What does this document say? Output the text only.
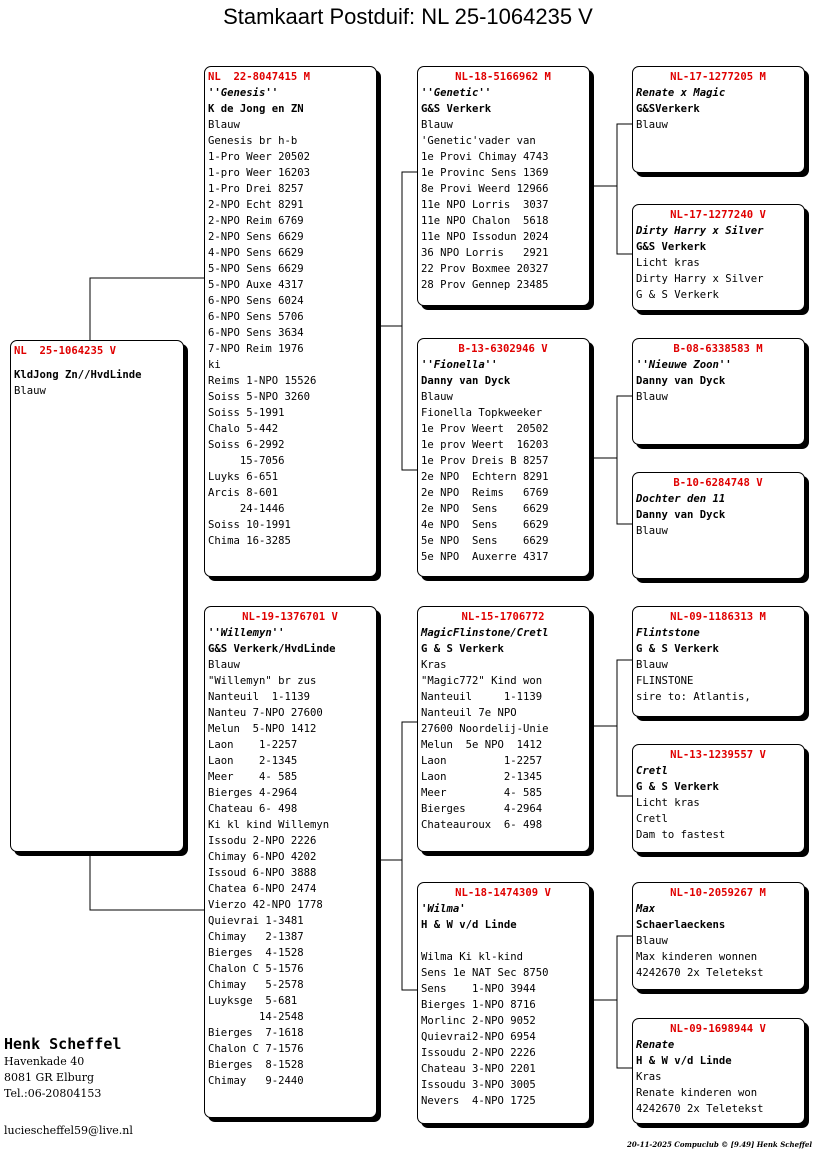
Stamkaart Postduif: NL 25-1064235 V
NL  25-1064235 V
KldJong Zn//HvdLinde
Blauw
NL  22-8047415 M
''Genesis''
K de Jong en ZN
Blauw
Genesis br h-b
1-Pro Weer 20502
1-pro Weer 16203
1-Pro Drei 8257
2-NPO Echt 8291
2-NPO Reim 6769
2-NPO Sens 6629
4-NPO Sens 6629
5-NPO Sens 6629
5-NPO Auxe 4317
6-NPO Sens 6024
6-NPO Sens 5706
6-NPO Sens 3634
7-NPO Reim 1976
ki
Reims 1-NPO 15526
Soiss 5-NPO 3260
Soiss 5-1991
Chalo 5-442
Soiss 6-2992
15-7056
Luyks 6-651
Arcis 8-601
24-1446
Soiss 10-1991
Chima 16-3285
NL-19-1376701 V
''Willemyn''
G&S Verkerk/HvdLinde
Blauw
"Willemyn" br zus
Nanteuil  1-1139
Nanteu 7-NPO 27600
Melun  5-NPO 1412
Laon    1-2257
Laon    2-1345
Meer    4- 585
Bierges 4-2964
Chateau 6- 498
Ki kl kind Willemyn
Issodu 2-NPO 2226
Chimay 6-NPO 4202
Issoud 6-NPO 3888
Chatea 6-NPO 2474
Vierzo 42-NPO 1778
Quievrai 1-3481
Chimay   2-1387
Bierges  4-1528
Chalon C 5-1576
Chimay   5-2578
Luyksge  5-681
14-2548
Bierges  7-1618
Chalon C 7-1576
Bierges  8-1528
Chimay   9-2440
NL-18-5166962 M
''Genetic''
G&S Verkerk
Blauw
'Genetic'vader van
1e Provi Chimay 4743
1e Provinc Sens 1369
8e Provi Weerd 12966
11e NPO Lorris  3037
11e NPO Chalon  5618
11e NPO Issodun 2024
36 NPO Lorris   2921
22 Prov Boxmee 20327
28 Prov Gennep 23485
B-13-6302946 V
''Fionella''
Danny van Dyck
Blauw
Fionella Topkweeker
1e Prov Weert  20502
1e prov Weert  16203
1e Prov Dreis B 8257
2e NPO  Echtern 8291
2e NPO  Reims   6769
2e NPO  Sens    6629
4e NPO  Sens    6629
5e NPO  Sens    6629
5e NPO  Auxerre 4317
NL-15-1706772
MagicFlinstone/Cretl
G & S Verkerk
Kras
"Magic772" Kind won
Nanteuil     1-1139
Nanteuil 7e NPO
27600 Noordelij-Unie
Melun  5e NPO  1412
Laon         1-2257
Laon         2-1345
Meer         4- 585
Bierges      4-2964
Chateauroux  6- 498
NL-18-1474309 V
'Wilma'
H & W v/d Linde
Wilma Ki kl-kind
Sens 1e NAT Sec 8750
Sens    1-NPO 3944
Bierges 1-NPO 8716
Morlinc 2-NPO 9052
Quievrai2-NPO 6954
Issoudu 2-NPO 2226
Chateau 3-NPO 2201
Issoudu 3-NPO 3005
Nevers  4-NPO 1725
NL-17-1277205 M
Renate x Magic
G&SVerkerk
Blauw
NL-17-1277240 V
Dirty Harry x Silver
G&S Verkerk
Licht kras
Dirty Harry x Silver
G & S Verkerk
B-08-6338583 M
''Nieuwe Zoon''
Danny van Dyck
Blauw
B-10-6284748 V
Dochter den 11
Danny van Dyck
Blauw
NL-09-1186313 M
Flintstone
G & S Verkerk
Blauw
FLINSTONE
sire to: Atlantis,
NL-13-1239557 V
Cretl
G & S Verkerk
Licht kras
Cretl
Dam to fastest
NL-10-2059267 M
Max
Schaerlaeckens
Blauw
Max kinderen wonnen
4242670 2x Teletekst
NL-09-1698944 V
Renate
H & W v/d Linde
Kras
Renate kinderen won
4242670 2x Teletekst
Henk Scheffel
Havenkade 40
8081 GR Elburg
Tel.:06-20804153
luciescheffel59@live.nl
20-11-2025 Compuclub © [9.49] Henk Scheffel
